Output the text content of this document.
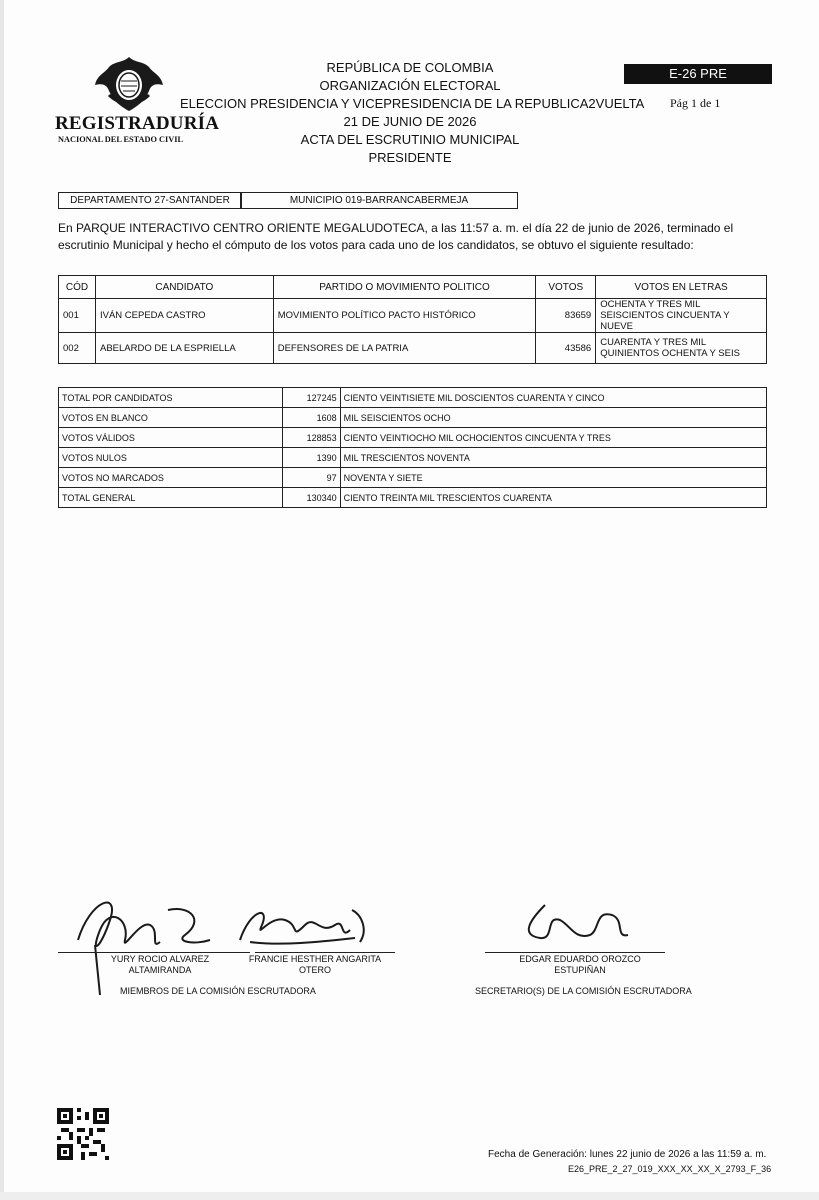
REGISTRADURÍA
NACIONAL DEL ESTADO CIVIL
REPÚBLICA DE COLOMBIA
ORGANIZACIÓN ELECTORAL
ELECCION PRESIDENCIA Y VICEPRESIDENCIA DE LA REPUBLICA2VUELTA
21 DE JUNIO DE 2026
ACTA DEL ESCRUTINIO MUNICIPAL
PRESIDENTE
E-26 PRE
Pág 1 de 1
DEPARTAMENTO 27-SANTANDER	MUNICIPIO 019-BARRANCABERMEJA
En PARQUE INTERACTIVO CENTRO ORIENTE MEGALUDOTECA, a las 11:57 a. m. el día 22 de junio de 2026, terminado el escrutinio Municipal y hecho el cómputo de los votos para cada uno de los candidatos, se obtuvo el siguiente resultado:
CÓD	CANDIDATO	PARTIDO O MOVIMIENTO POLITICO	VOTOS	VOTOS EN LETRAS
001	IVÁN CEPEDA CASTRO	MOVIMIENTO POLÍTICO PACTO HISTÓRICO	83659	OCHENTA Y TRES MIL SEISCIENTOS CINCUENTA Y NUEVE
002	ABELARDO DE LA ESPRIELLA	DEFENSORES DE LA PATRIA	43586	CUARENTA Y TRES MIL QUINIENTOS OCHENTA Y SEIS
TOTAL POR CANDIDATOS	127245	CIENTO VEINTISIETE MIL DOSCIENTOS CUARENTA Y CINCO
VOTOS EN BLANCO	1608	MIL SEISCIENTOS OCHO
VOTOS VÁLIDOS	128853	CIENTO VEINTIOCHO MIL OCHOCIENTOS CINCUENTA Y TRES
VOTOS NULOS	1390	MIL TRESCIENTOS NOVENTA
VOTOS NO MARCADOS	97	NOVENTA Y SIETE
TOTAL GENERAL	130340	CIENTO TREINTA MIL TRESCIENTOS CUARENTA
YURY ROCIO ALVAREZ
ALTAMIRANDA
FRANCIE HESTHER ANGARITA
OTERO
EDGAR EDUARDO OROZCO
ESTUPIÑAN
MIEMBROS DE LA COMISIÓN ESCRUTADORA	SECRETARIO(S) DE LA COMISIÓN ESCRUTADORA
Fecha de Generación: lunes 22 junio de 2026 a las 11:59 a. m.
E26_PRE_2_27_019_XXX_XX_XX_X_2793_F_36
